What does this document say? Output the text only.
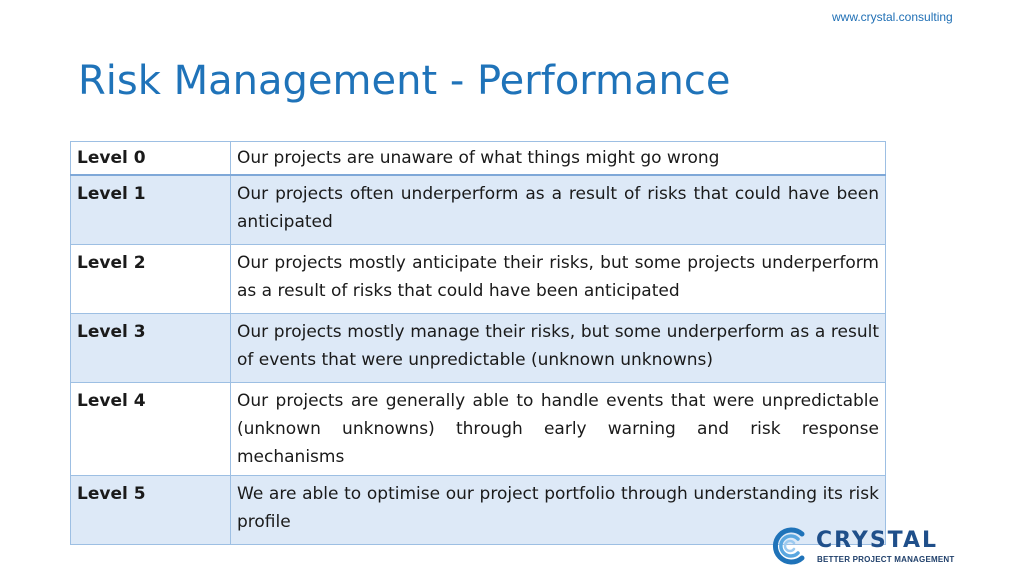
www.crystal.consulting
Risk Management - Performance
Level 0	Our projects are unaware of what things might go wrong
Level 1	Our projects often underperform as a result of risks that could have been anticipated
Level 2	Our projects mostly anticipate their risks, but some projects underperform as a result of risks that could have been anticipated
Level 3	Our projects mostly manage their risks, but some underperform as a result of events that were unpredictable (unknown unknowns)
Level 4	Our projects are generally able to handle events that were unpredictable (unknown unknowns) through early warning and risk response mechanisms
Level 5	We are able to optimise our project portfolio through understanding its risk profile
CRYSTAL
BETTER PROJECT MANAGEMENT
